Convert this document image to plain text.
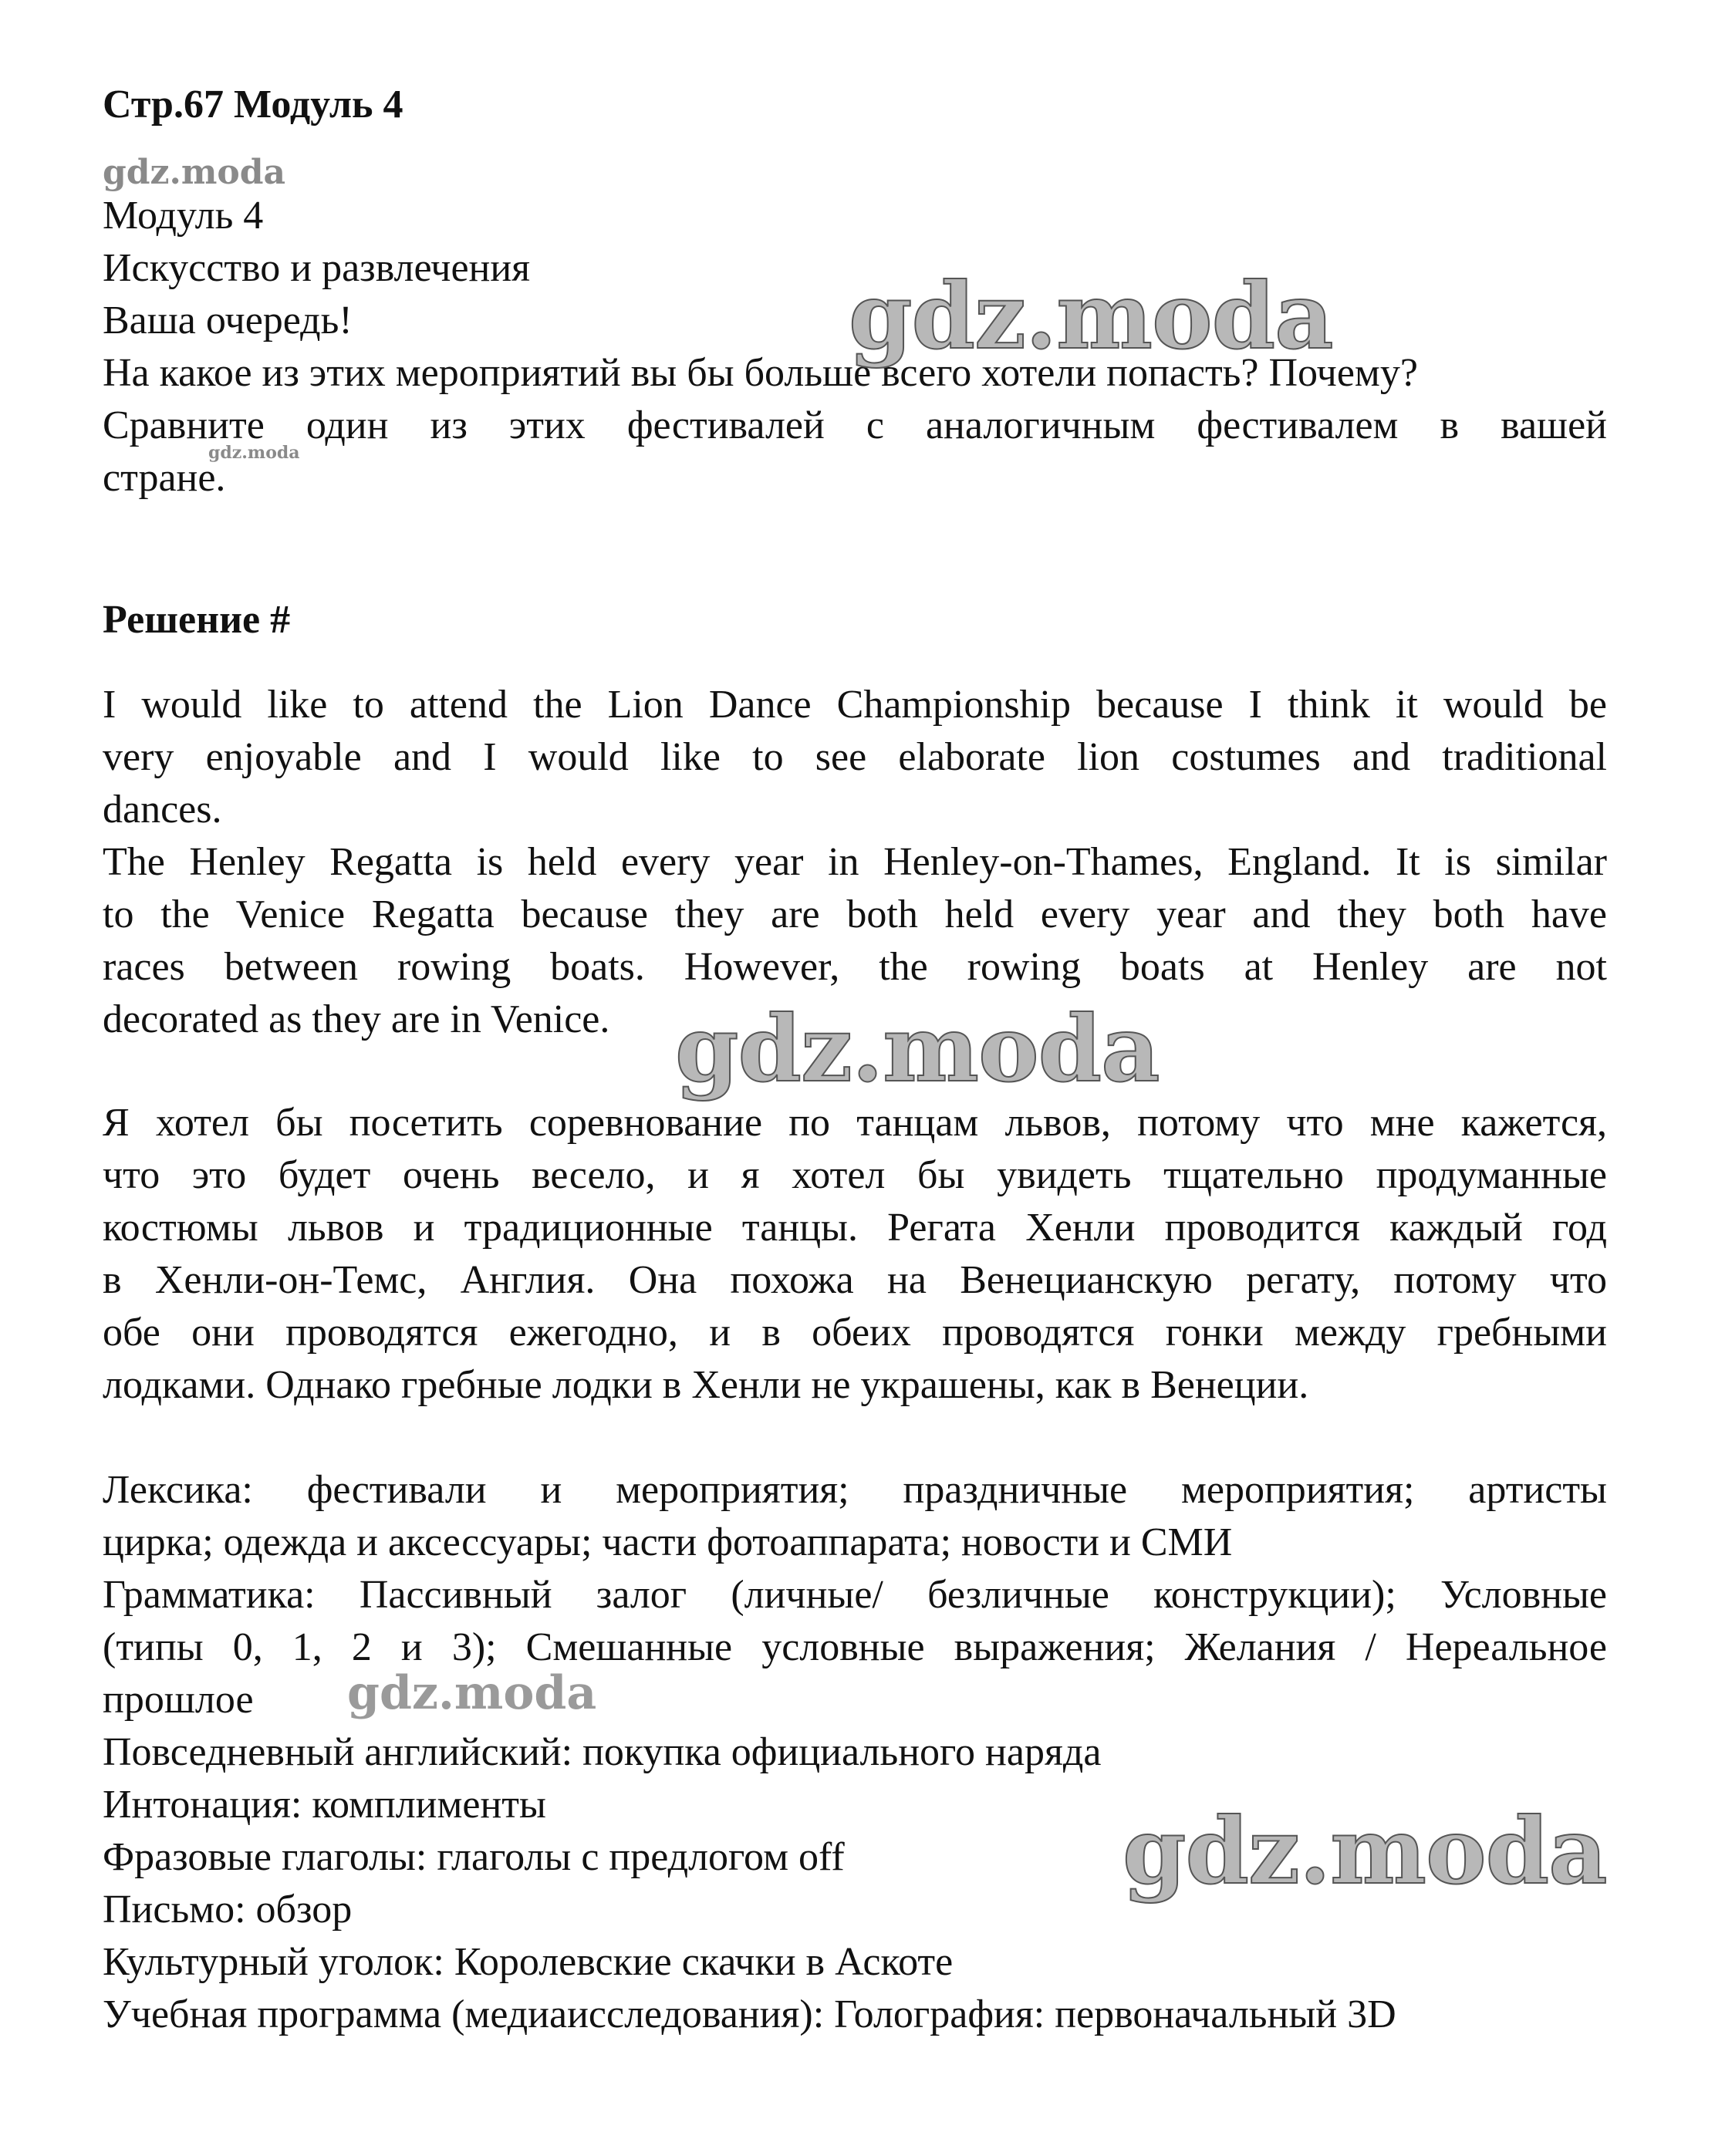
Стр.67 Модуль 4
Модуль 4
Искусство и развлечения
Ваша очередь!
На какое из этих мероприятий вы бы больше всего хотели попасть? Почему?
Сравните один из этих фестивалей с аналогичным фестивалем в вашей
стране.
Решение #
I would like to attend the Lion Dance Championship because I think it would be
very enjoyable and I would like to see elaborate lion costumes and traditional
dances.
The Henley Regatta is held every year in Henley-on-Thames, England. It is similar
to the Venice Regatta because they are both held every year and they both have
races between rowing boats. However, the rowing boats at Henley are not
decorated as they are in Venice.
Я хотел бы посетить соревнование по танцам львов, потому что мне кажется,
что это будет очень весело, и я хотел бы увидеть тщательно продуманные
костюмы львов и традиционные танцы. Регата Хенли проводится каждый год
в Хенли-он-Темс, Англия. Она похожа на Венецианскую регату, потому что
обе они проводятся ежегодно, и в обеих проводятся гонки между гребными
лодками. Однако гребные лодки в Хенли не украшены, как в Венеции.
Лексика: фестивали и мероприятия; праздничные мероприятия; артисты
цирка; одежда и аксессуары; части фотоаппарата; новости и СМИ
Грамматика: Пассивный залог (личные/ безличные конструкции); Условные
(типы 0, 1, 2 и 3); Смешанные условные выражения; Желания / Нереальное
прошлое
Повседневный английский: покупка официального наряда
Интонация: комплименты
Фразовые глаголы: глаголы с предлогом off
Письмо: обзор
Культурный уголок: Королевские скачки в Аскоте
Учебная программа (медиаисследования): Голография: первоначальный 3D
gdz.moda
gdz.moda
gdz.moda
gdz.moda
gdz.moda
gdz.moda
